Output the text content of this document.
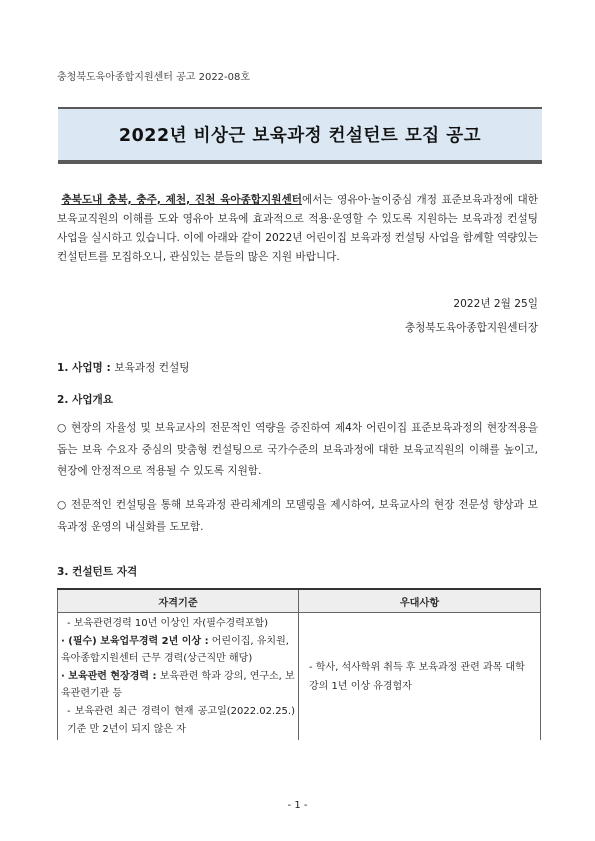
충청북도육아종합지원센터 공고 2022-08호
2022년 비상근 보육과정 컨설턴트 모집 공고
충북도내 충북, 충주, 제천, 진천 육아종합지원센터에서는 영유아·놀이중심 개정 표준보육과정에 대한 보육교직원의 이해를 도와 영유아 보육에 효과적으로 적용·운영할 수 있도록 지원하는 보육과정 컨설팅 사업을 실시하고 있습니다. 이에 아래와 같이 2022년 어린이집 보육과정 컨설팅 사업을 함께할 역량있는 컨설턴트를 모집하오니, 관심있는 분들의 많은 지원 바랍니다.
2022년 2월 25일
충청북도육아종합지원센터장
1. 사업명 : 보육과정 컨설팅
2. 사업개요
○ 현장의 자율성 및 보육교사의 전문적인 역량을 증진하여 제4차 어린이집 표준보육과정의 현장적용을 돕는 보육 수요자 중심의 맞춤형 컨설팅으로 국가수준의 보육과정에 대한 보육교직원의 이해를 높이고, 현장에 안정적으로 적용될 수 있도록 지원함.
○ 전문적인 컨설팅을 통해 보육과정 관리체계의 모델링을 제시하여, 보육교사의 현장 전문성 향상과 보육과정 운영의 내실화를 도모함.
3. 컨설턴트 자격
자격기준	우대사항

- 보육관련경력 10년 이상인 자(필수경력포함)
· (필수) 보육업무경력 2년 이상 : 어린이집, 유치원, 육아종합지원센터 근무 경력(상근직만 해당)
· 보육관련 현장경력 : 보육관련 학과 강의, 연구소, 보육관련기관 등
- 보육관련 최근 경력이 현재 공고일(2022.02.25.)기준 만 2년이 되지 않은 자	- 학사, 석사학위 취득 후 보육과정 관련 과목 대학 강의 1년 이상 유경험자
- 1 -
